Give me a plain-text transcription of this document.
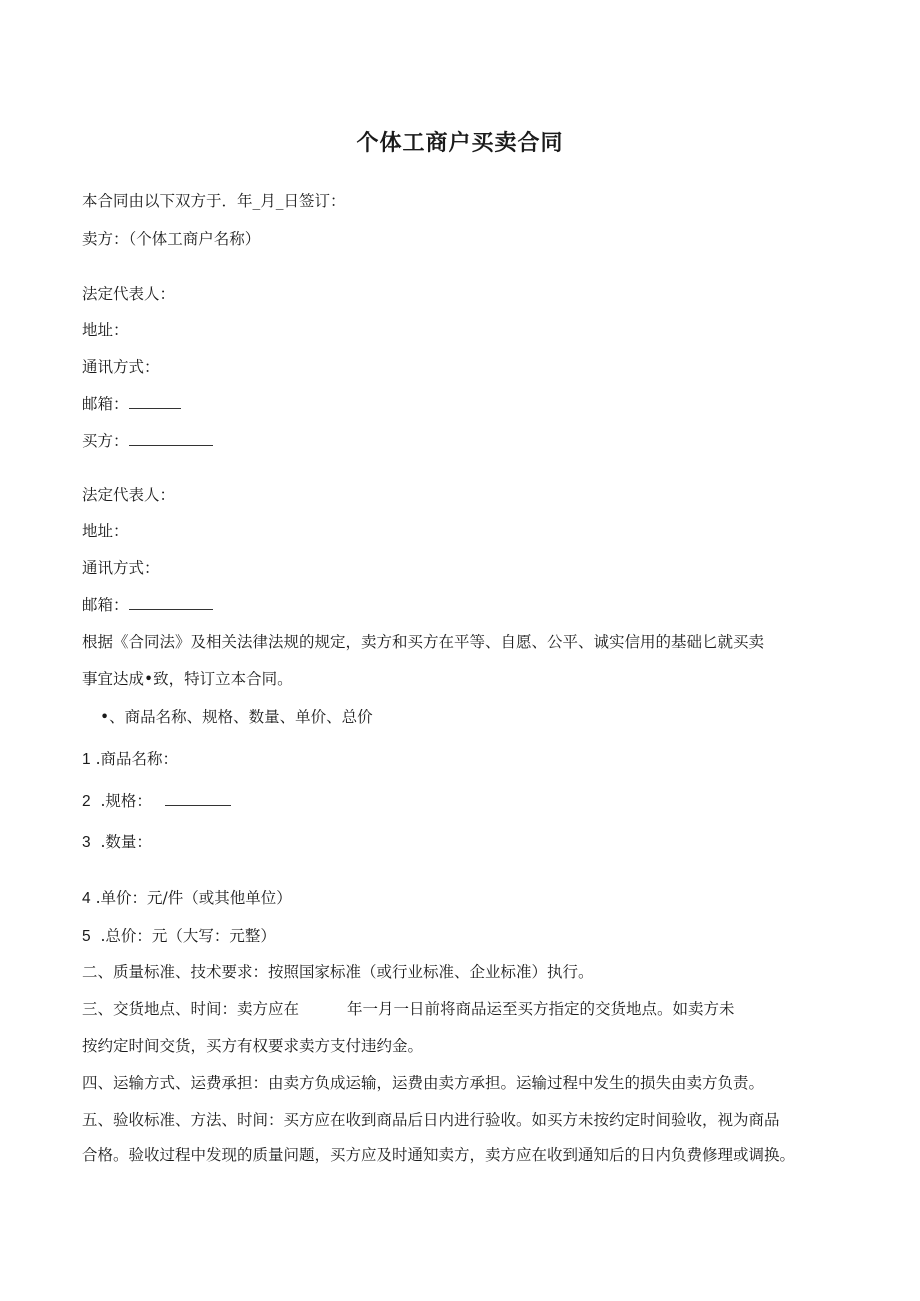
个体工商户买卖合同
本合同由以下双方于．年_月_日签订：
卖方：（个体工商户名称）
法定代表人：
地址：
通讯方式：
邮箱：
买方：
法定代表人：
地址：
通讯方式：
邮箱：
根据《合同法》及相关法律法规的规定，卖方和买方在平等、自愿、公平、诚实信用的基础匕就买卖
事宜达成•致，特订立本合同。
•、商品名称、规格、数量、单价、总价
1 .商品名称：
2 .规格：
3 .数量：
4 .单价：元/件（或其他单位）
5 .总价：元（大写：元整）
二、质量标准、技术要求：按照国家标准（或行业标准、企业标准）执行。
三、交货地点、时间：卖方应在	年一月一日前将商品运至买方指定的交货地点。如卖方未
按约定时间交货，买方有权要求卖方支付违约金。
四、运输方式、运费承担：由卖方负成运输，运费由卖方承担。运输过程中发生的损失由卖方负责。
五、验收标准、方法、时间：买方应在收到商品后日内进行验收。如买方未按约定时间验收，视为商品
合格。验收过程中发现的质量问题，买方应及时通知卖方，卖方应在收到通知后的日内负费修理或调换。
